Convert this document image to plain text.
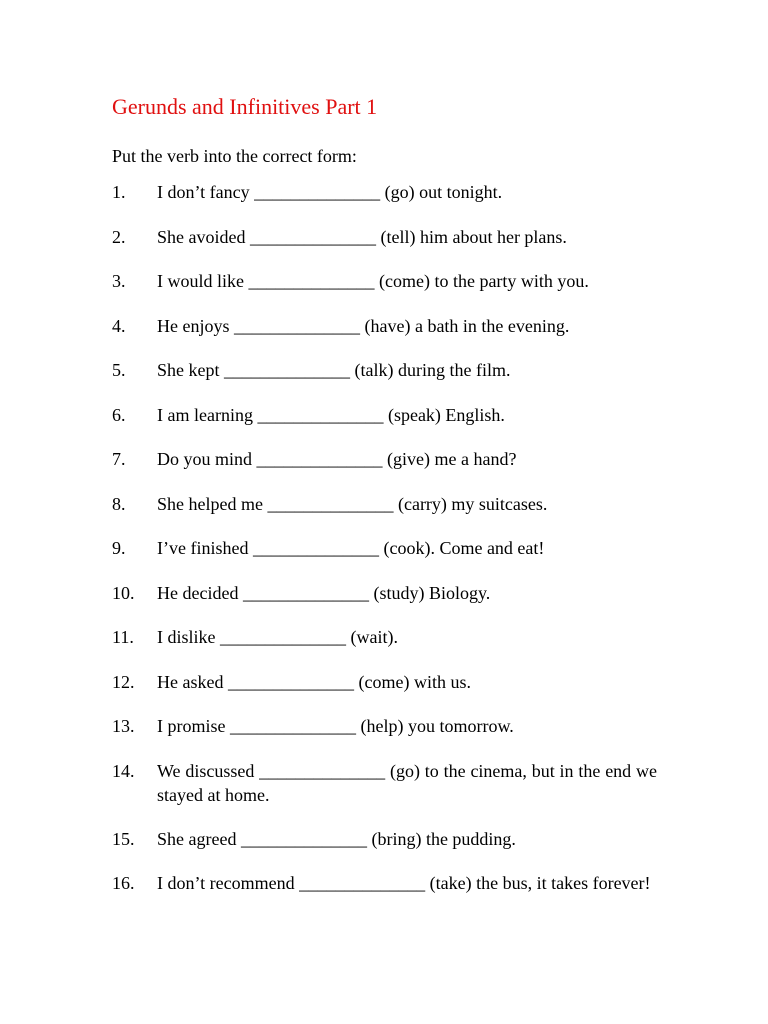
Gerunds and Infinitives Part 1
Put the verb into the correct form:
1.	I don’t fancy ______________ (go) out tonight.
2.	She avoided ______________ (tell) him about her plans.
3.	I would like ______________ (come) to the party with you.
4.	He enjoys ______________ (have) a bath in the evening.
5.	She kept ______________ (talk) during the film.
6.	I am learning ______________ (speak) English.
7.	Do you mind ______________ (give) me a hand?
8.	She helped me ______________ (carry) my suitcases.
9.	I’ve finished ______________ (cook). Come and eat!
10.	He decided ______________ (study) Biology.
11.	I dislike ______________ (wait).
12.	He asked ______________ (come) with us.
13.	I promise ______________ (help) you tomorrow.
14.	We discussed ______________ (go) to the cinema, but in the end we stayed at home.
15.	She agreed ______________ (bring) the pudding.
16.	I don’t recommend ______________ (take) the bus, it takes forever!
